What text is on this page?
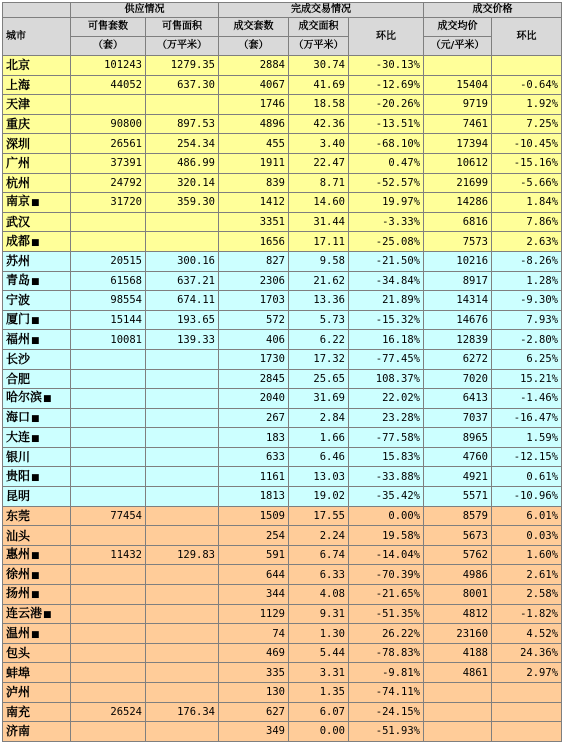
	供应情况		完成交易情况			成交价格	
城市	可售套数	可售面积	成交套数	成交面积	环比	成交均价	环比
	（套）	（万平米）	（套）	（万平米）		（元/平米）	
北京	101243	1279.35	2884	30.74	-30.13%		
上海	44052	637.30	4067	41.69	-12.69%	15404	-0.64%
天津			1746	18.58	-20.26%	9719	1.92%
重庆	90800	897.53	4896	42.36	-13.51%	7461	7.25%
深圳	26561	254.34	455	3.40	-68.10%	17394	-10.45%
广州	37391	486.99	1911	22.47	0.47%	10612	-15.16%
杭州	24792	320.14	839	8.71	-52.57%	21699	-5.66%
南京■	31720	359.30	1412	14.60	19.97%	14286	1.84%
武汉			3351	31.44	-3.33%	6816	7.86%
成都■			1656	17.11	-25.08%	7573	2.63%
苏州	20515	300.16	827	9.58	-21.50%	10216	-8.26%
青岛■	61568	637.21	2306	21.62	-34.84%	8917	1.28%
宁波	98554	674.11	1703	13.36	21.89%	14314	-9.30%
厦门■	15144	193.65	572	5.73	-15.32%	14676	7.93%
福州■	10081	139.33	406	6.22	16.18%	12839	-2.80%
长沙			1730	17.32	-77.45%	6272	6.25%
合肥			2845	25.65	108.37%	7020	15.21%
哈尔滨■			2040	31.69	22.02%	6413	-1.46%
海口■			267	2.84	23.28%	7037	-16.47%
大连■			183	1.66	-77.58%	8965	1.59%
银川			633	6.46	15.83%	4760	-12.15%
贵阳■			1161	13.03	-33.88%	4921	0.61%
昆明			1813	19.02	-35.42%	5571	-10.96%
东莞	77454		1509	17.55	0.00%	8579	6.01%
汕头			254	2.24	19.58%	5673	0.03%
惠州■	11432	129.83	591	6.74	-14.04%	5762	1.60%
徐州■			644	6.33	-70.39%	4986	2.61%
扬州■			344	4.08	-21.65%	8001	2.58%
连云港■			1129	9.31	-51.35%	4812	-1.82%
温州■			74	1.30	26.22%	23160	4.52%
包头			469	5.44	-78.83%	4188	24.36%
蚌埠			335	3.31	-9.81%	4861	2.97%
泸州			130	1.35	-74.11%		
南充	26524	176.34	627	6.07	-24.15%		
济南			349	0.00	-51.93%		
